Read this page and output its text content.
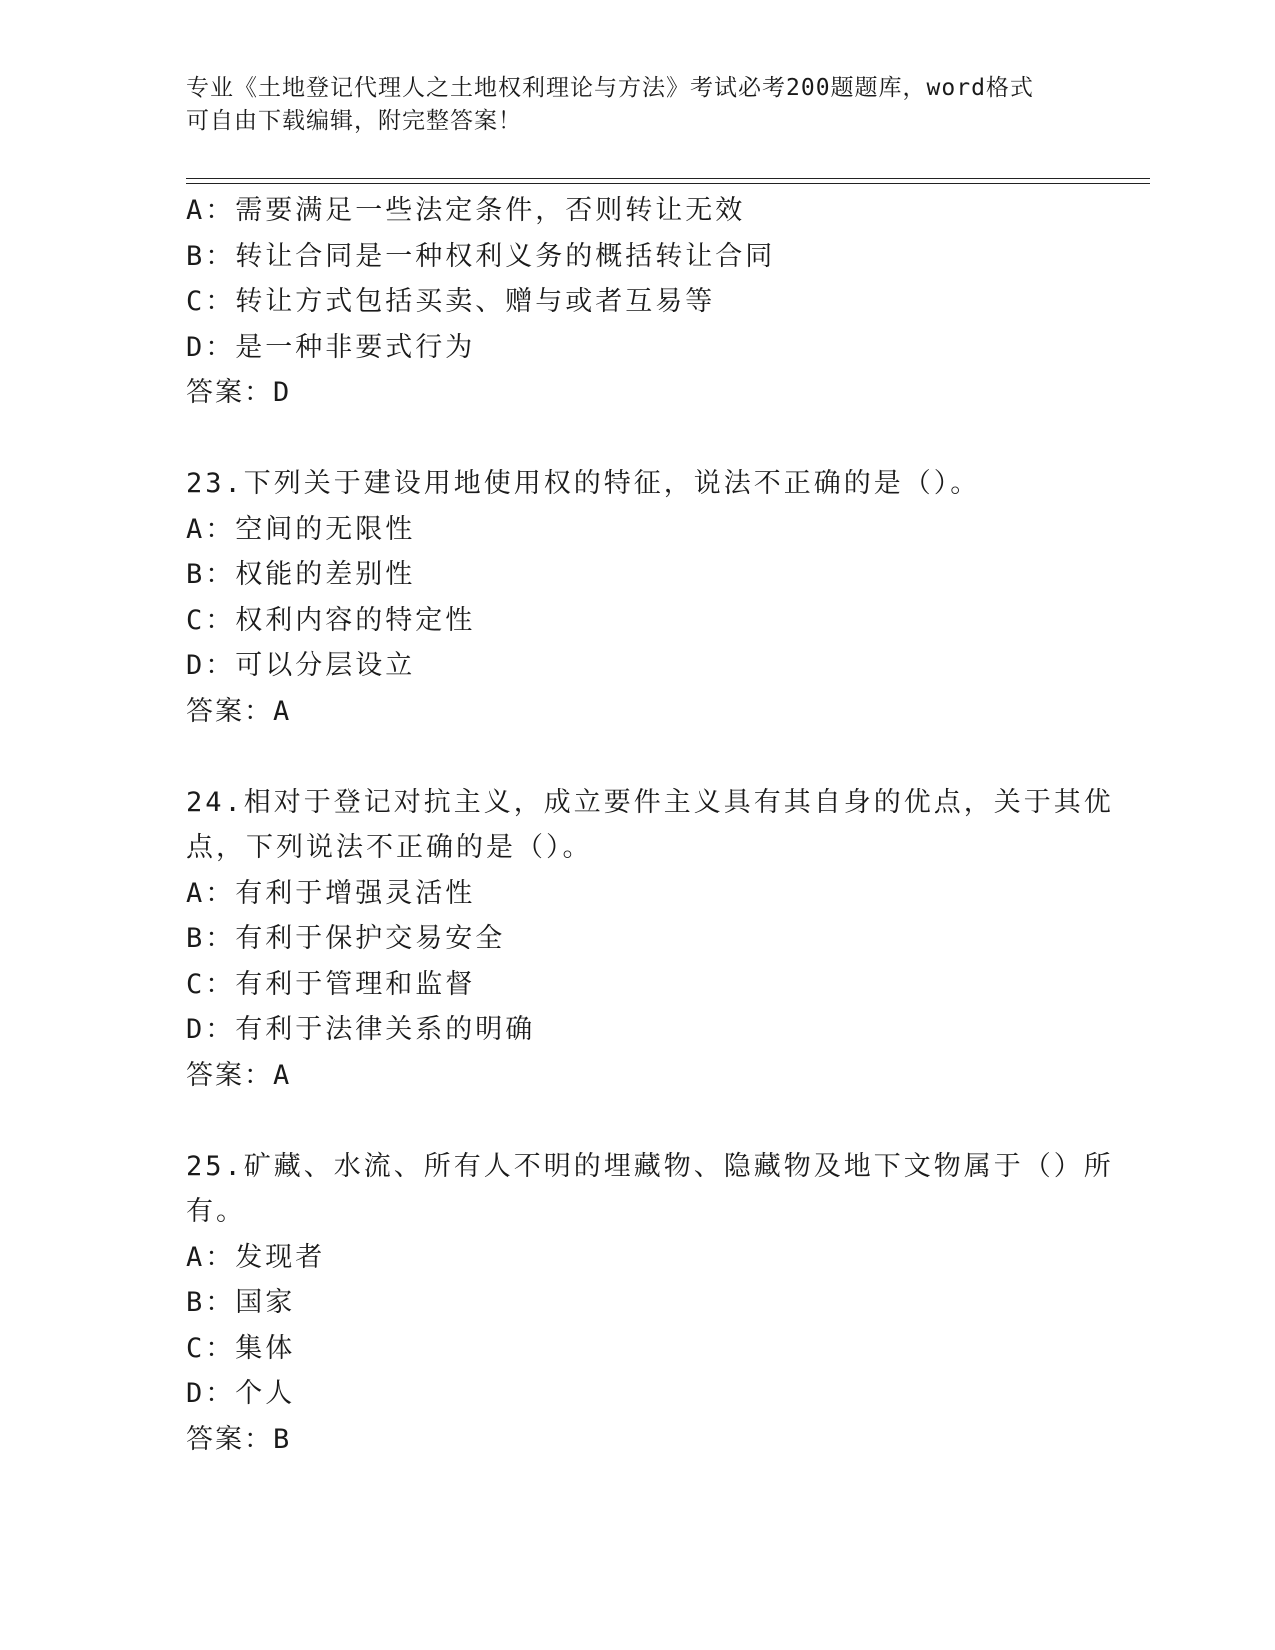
专业《土地登记代理人之土地权利理论与方法》考试必考200题题库，word格式
可自由下载编辑，附完整答案！
A：需要满足一些法定条件，否则转让无效
B：转让合同是一种权利义务的概括转让合同
C：转让方式包括买卖、赠与或者互易等
D：是一种非要式行为
答案：D
23.下列关于建设用地使用权的特征，说法不正确的是（）。
A：空间的无限性
B：权能的差别性
C：权利内容的特定性
D：可以分层设立
答案：A
24.相对于登记对抗主义，成立要件主义具有其自身的优点，关于其优
点，下列说法不正确的是（）。
A：有利于增强灵活性
B：有利于保护交易安全
C：有利于管理和监督
D：有利于法律关系的明确
答案：A
25.矿藏、水流、所有人不明的埋藏物、隐藏物及地下文物属于（）所
有。
A：发现者
B：国家
C：集体
D：个人
答案：B
